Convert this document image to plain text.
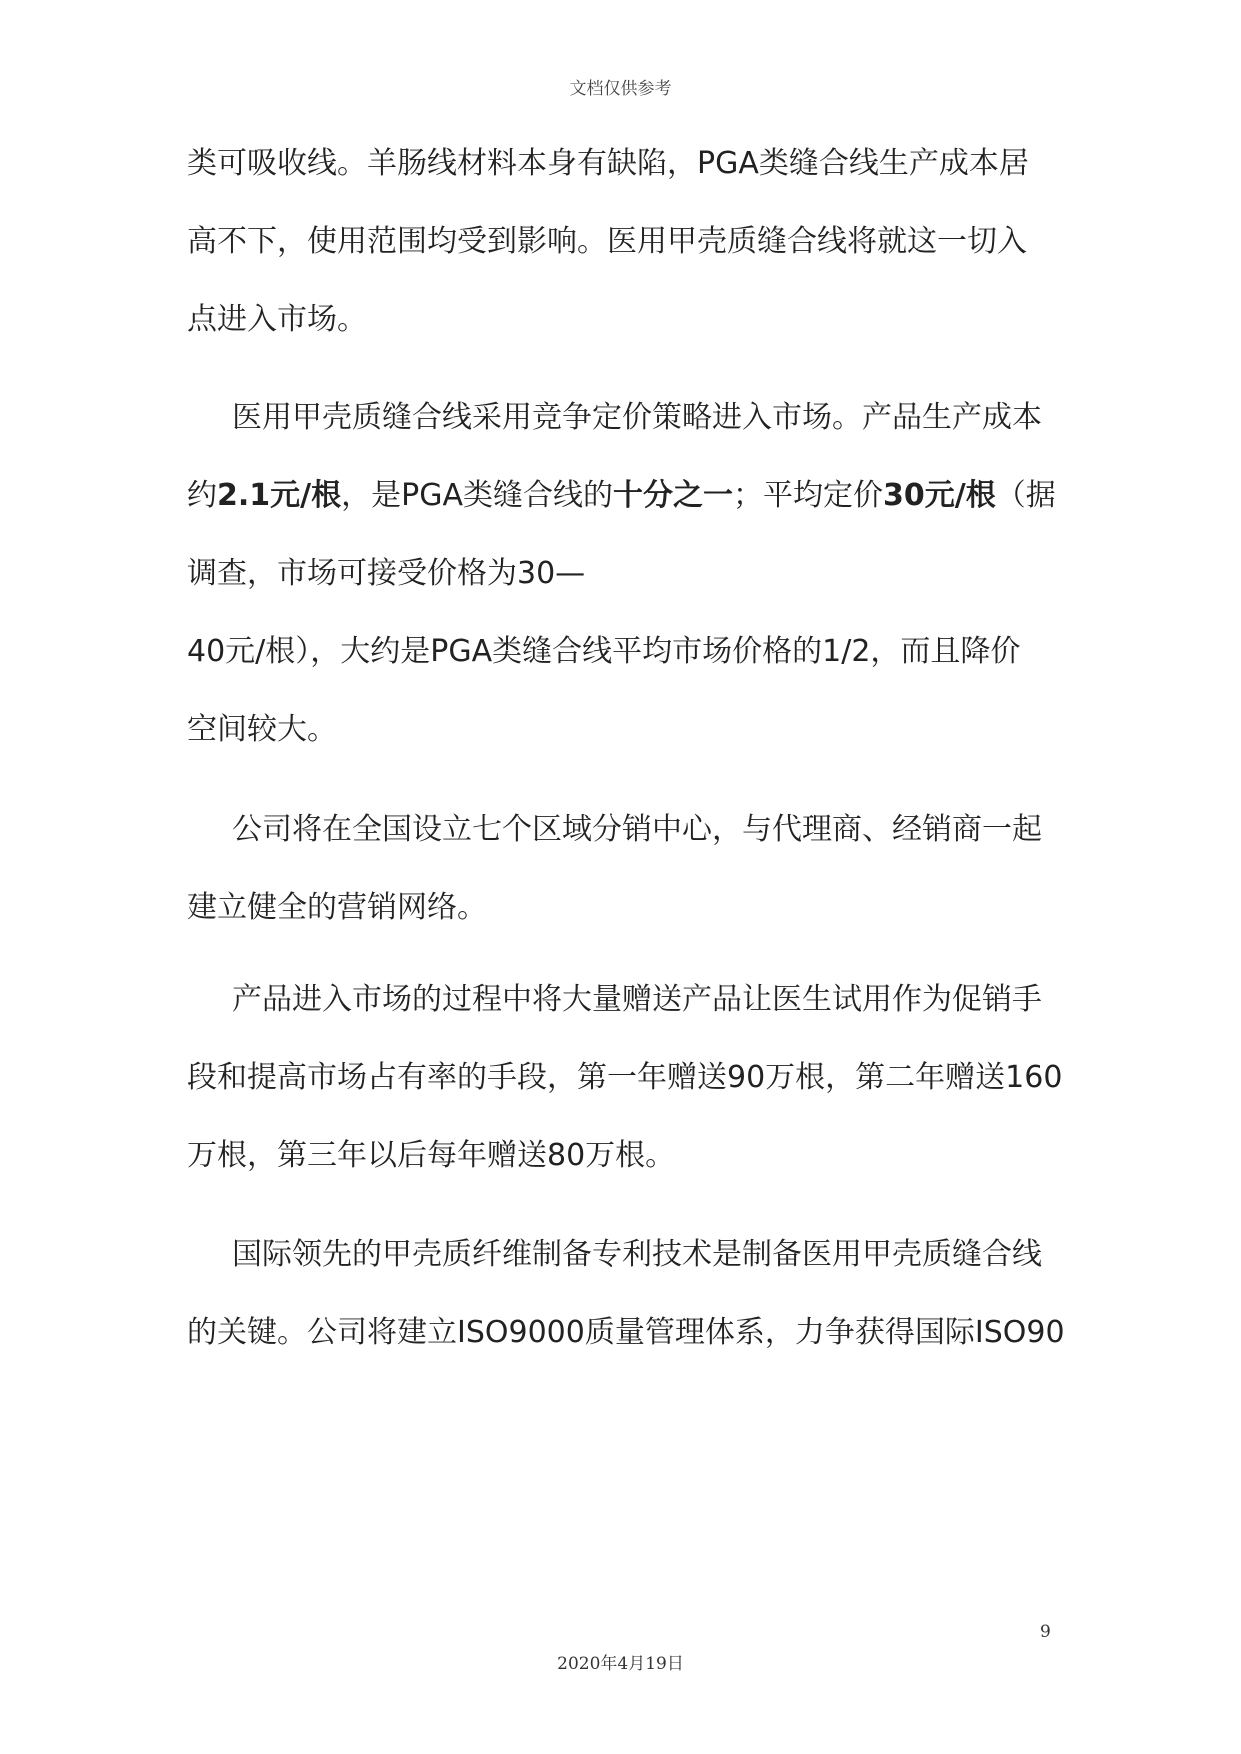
文档仅供参考
类可吸收线。羊肠线材料本身有缺陷，PGA类缝合线生产成本居
高不下，使用范围均受到影响。医用甲壳质缝合线将就这一切入
点进入市场。
医用甲壳质缝合线采用竞争定价策略进入市场。产品生产成本
约2.1元/根，是PGA类缝合线的十分之一；平均定价30元/根（据
调查，市场可接受价格为30—
40元/根），大约是PGA类缝合线平均市场价格的1/2，而且降价
空间较大。
公司将在全国设立七个区域分销中心，与代理商、经销商一起
建立健全的营销网络。
产品进入市场的过程中将大量赠送产品让医生试用作为促销手
段和提高市场占有率的手段，第一年赠送90万根，第二年赠送160
万根，第三年以后每年赠送80万根。
国际领先的甲壳质纤维制备专利技术是制备医用甲壳质缝合线
的关键。公司将建立ISO9000质量管理体系，力争获得国际ISO90
9
2020年4月19日
